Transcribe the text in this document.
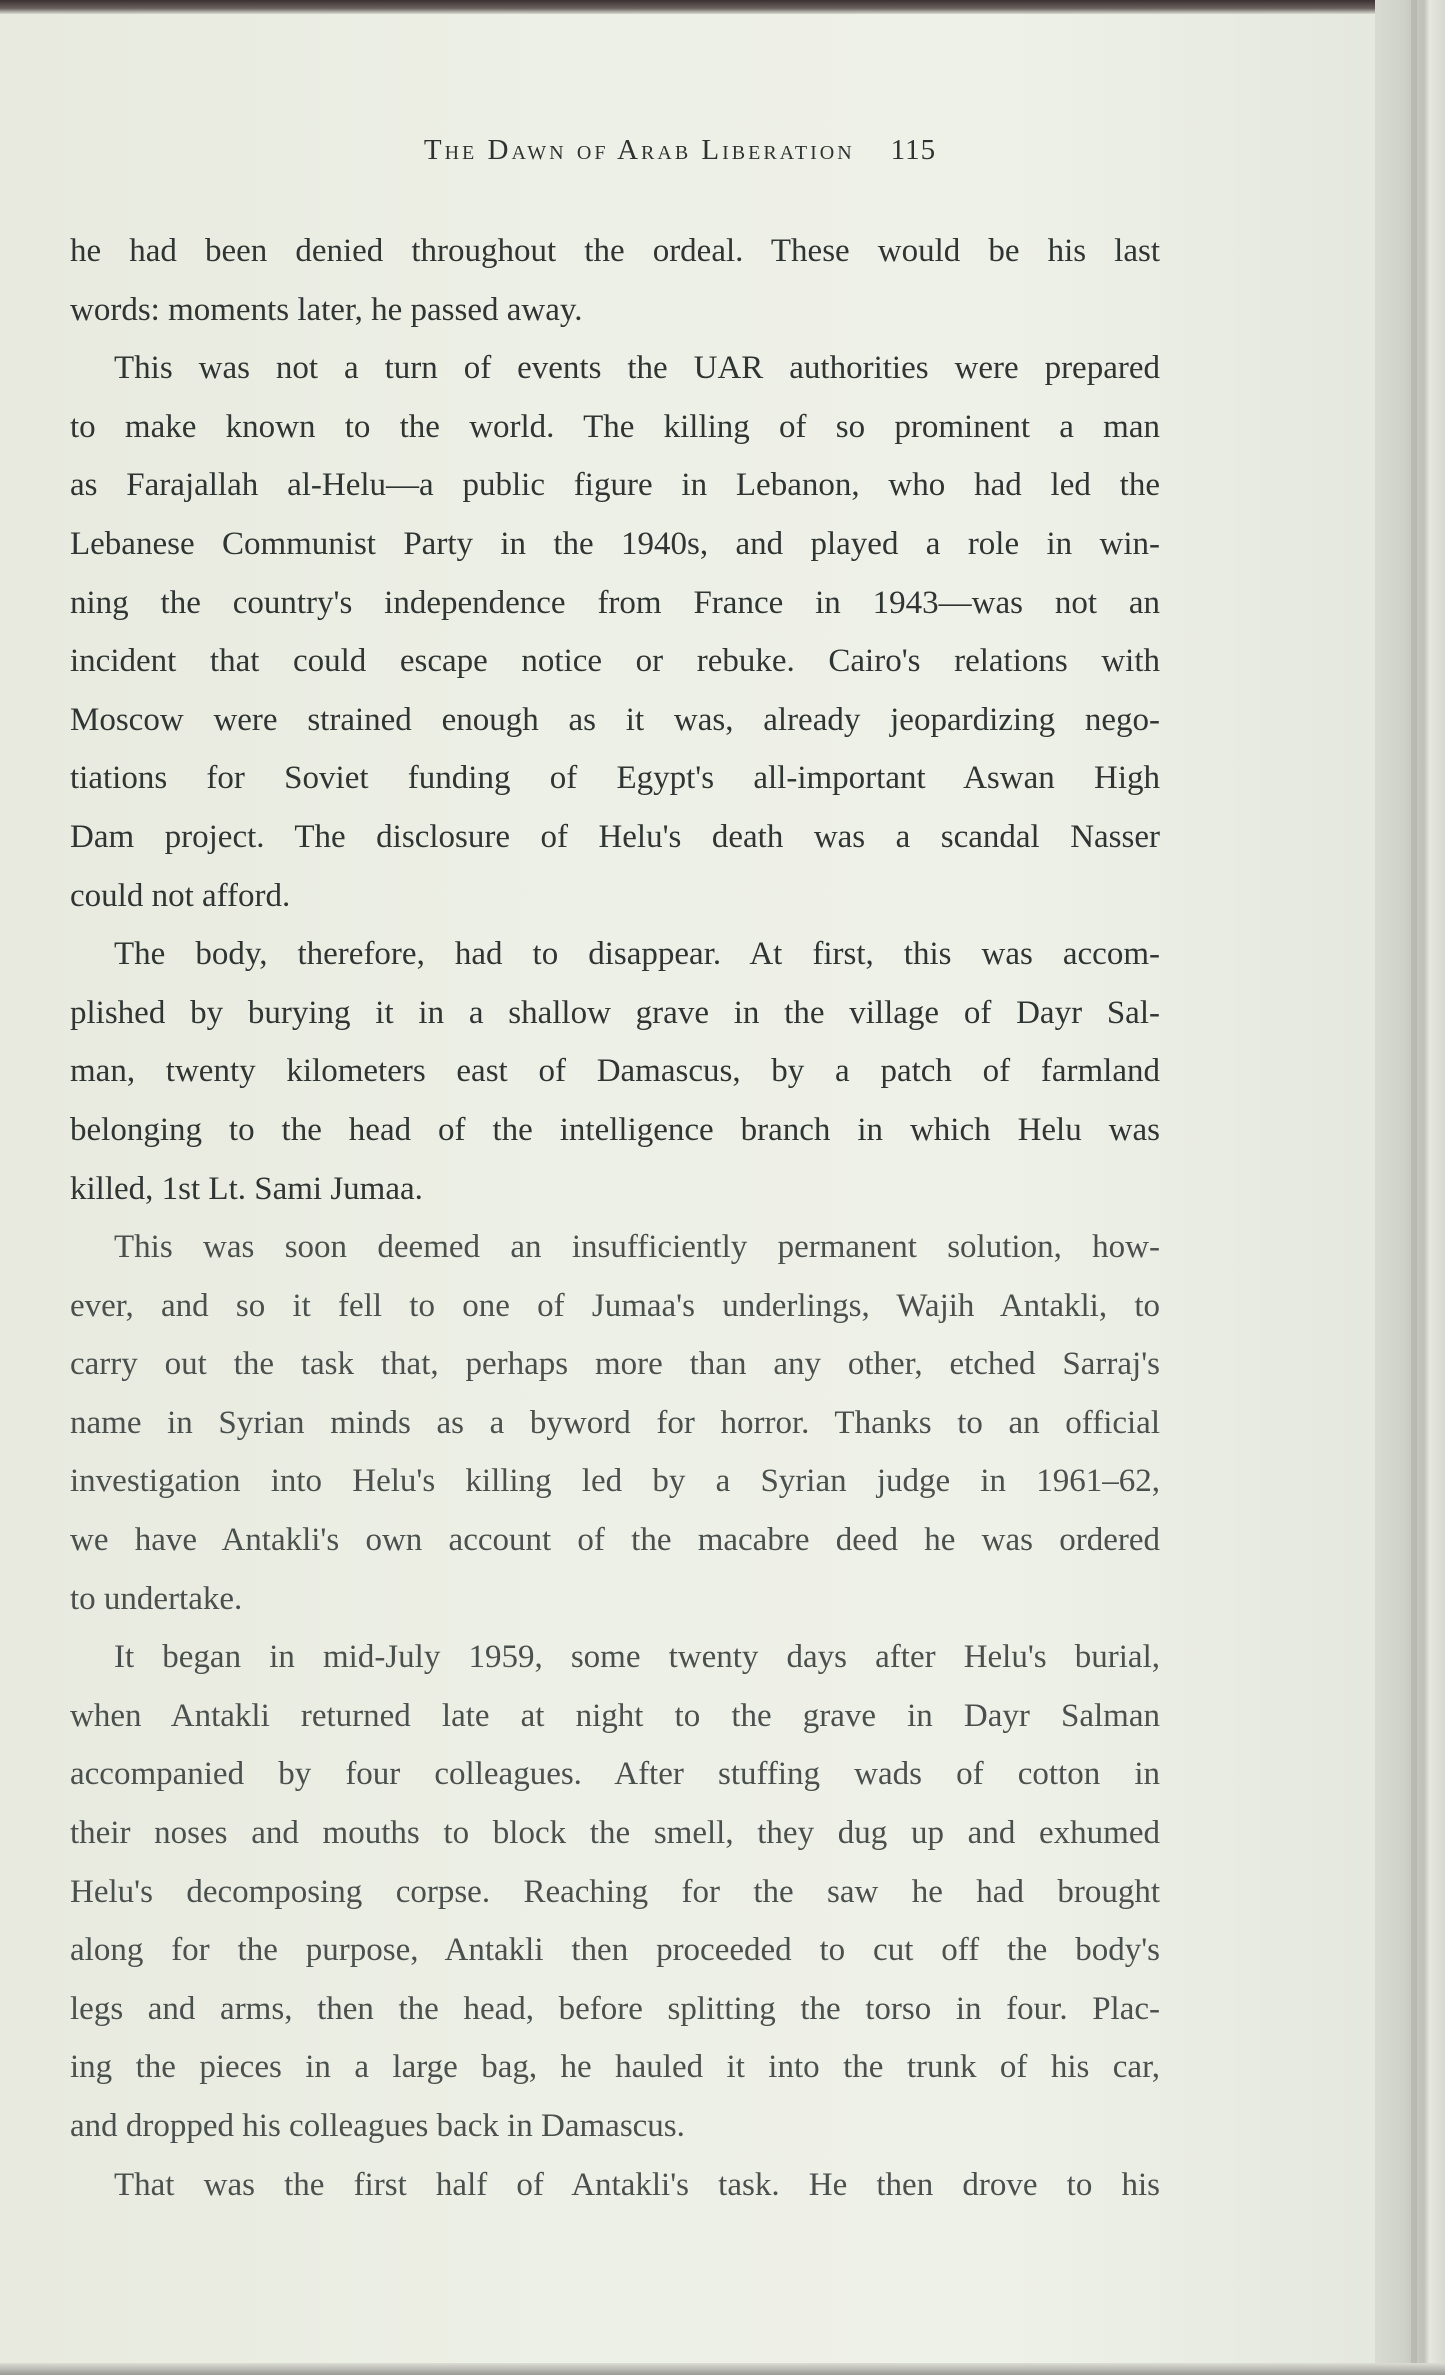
The Dawn of Arab Liberation 115
he had been denied throughout the ordeal. These would be his last
words: moments later, he passed away.
This was not a turn of events the UAR authorities were prepared
to make known to the world. The killing of so prominent a man
as Farajallah al-Helu—a public figure in Lebanon, who had led the
Lebanese Communist Party in the 1940s, and played a role in win-
ning the country's independence from France in 1943—was not an
incident that could escape notice or rebuke. Cairo's relations with
Moscow were strained enough as it was, already jeopardizing nego-
tiations for Soviet funding of Egypt's all-important Aswan High
Dam project. The disclosure of Helu's death was a scandal Nasser
could not afford.
The body, therefore, had to disappear. At first, this was accom-
plished by burying it in a shallow grave in the village of Dayr Sal-
man, twenty kilometers east of Damascus, by a patch of farmland
belonging to the head of the intelligence branch in which Helu was
killed, 1st Lt. Sami Jumaa.
This was soon deemed an insufficiently permanent solution, how-
ever, and so it fell to one of Jumaa's underlings, Wajih Antakli, to
carry out the task that, perhaps more than any other, etched Sarraj's
name in Syrian minds as a byword for horror. Thanks to an official
investigation into Helu's killing led by a Syrian judge in 1961–62,
we have Antakli's own account of the macabre deed he was ordered
to undertake.
It began in mid-July 1959, some twenty days after Helu's burial,
when Antakli returned late at night to the grave in Dayr Salman
accompanied by four colleagues. After stuffing wads of cotton in
their noses and mouths to block the smell, they dug up and exhumed
Helu's decomposing corpse. Reaching for the saw he had brought
along for the purpose, Antakli then proceeded to cut off the body's
legs and arms, then the head, before splitting the torso in four. Plac-
ing the pieces in a large bag, he hauled it into the trunk of his car,
and dropped his colleagues back in Damascus.
That was the first half of Antakli's task. He then drove to his
